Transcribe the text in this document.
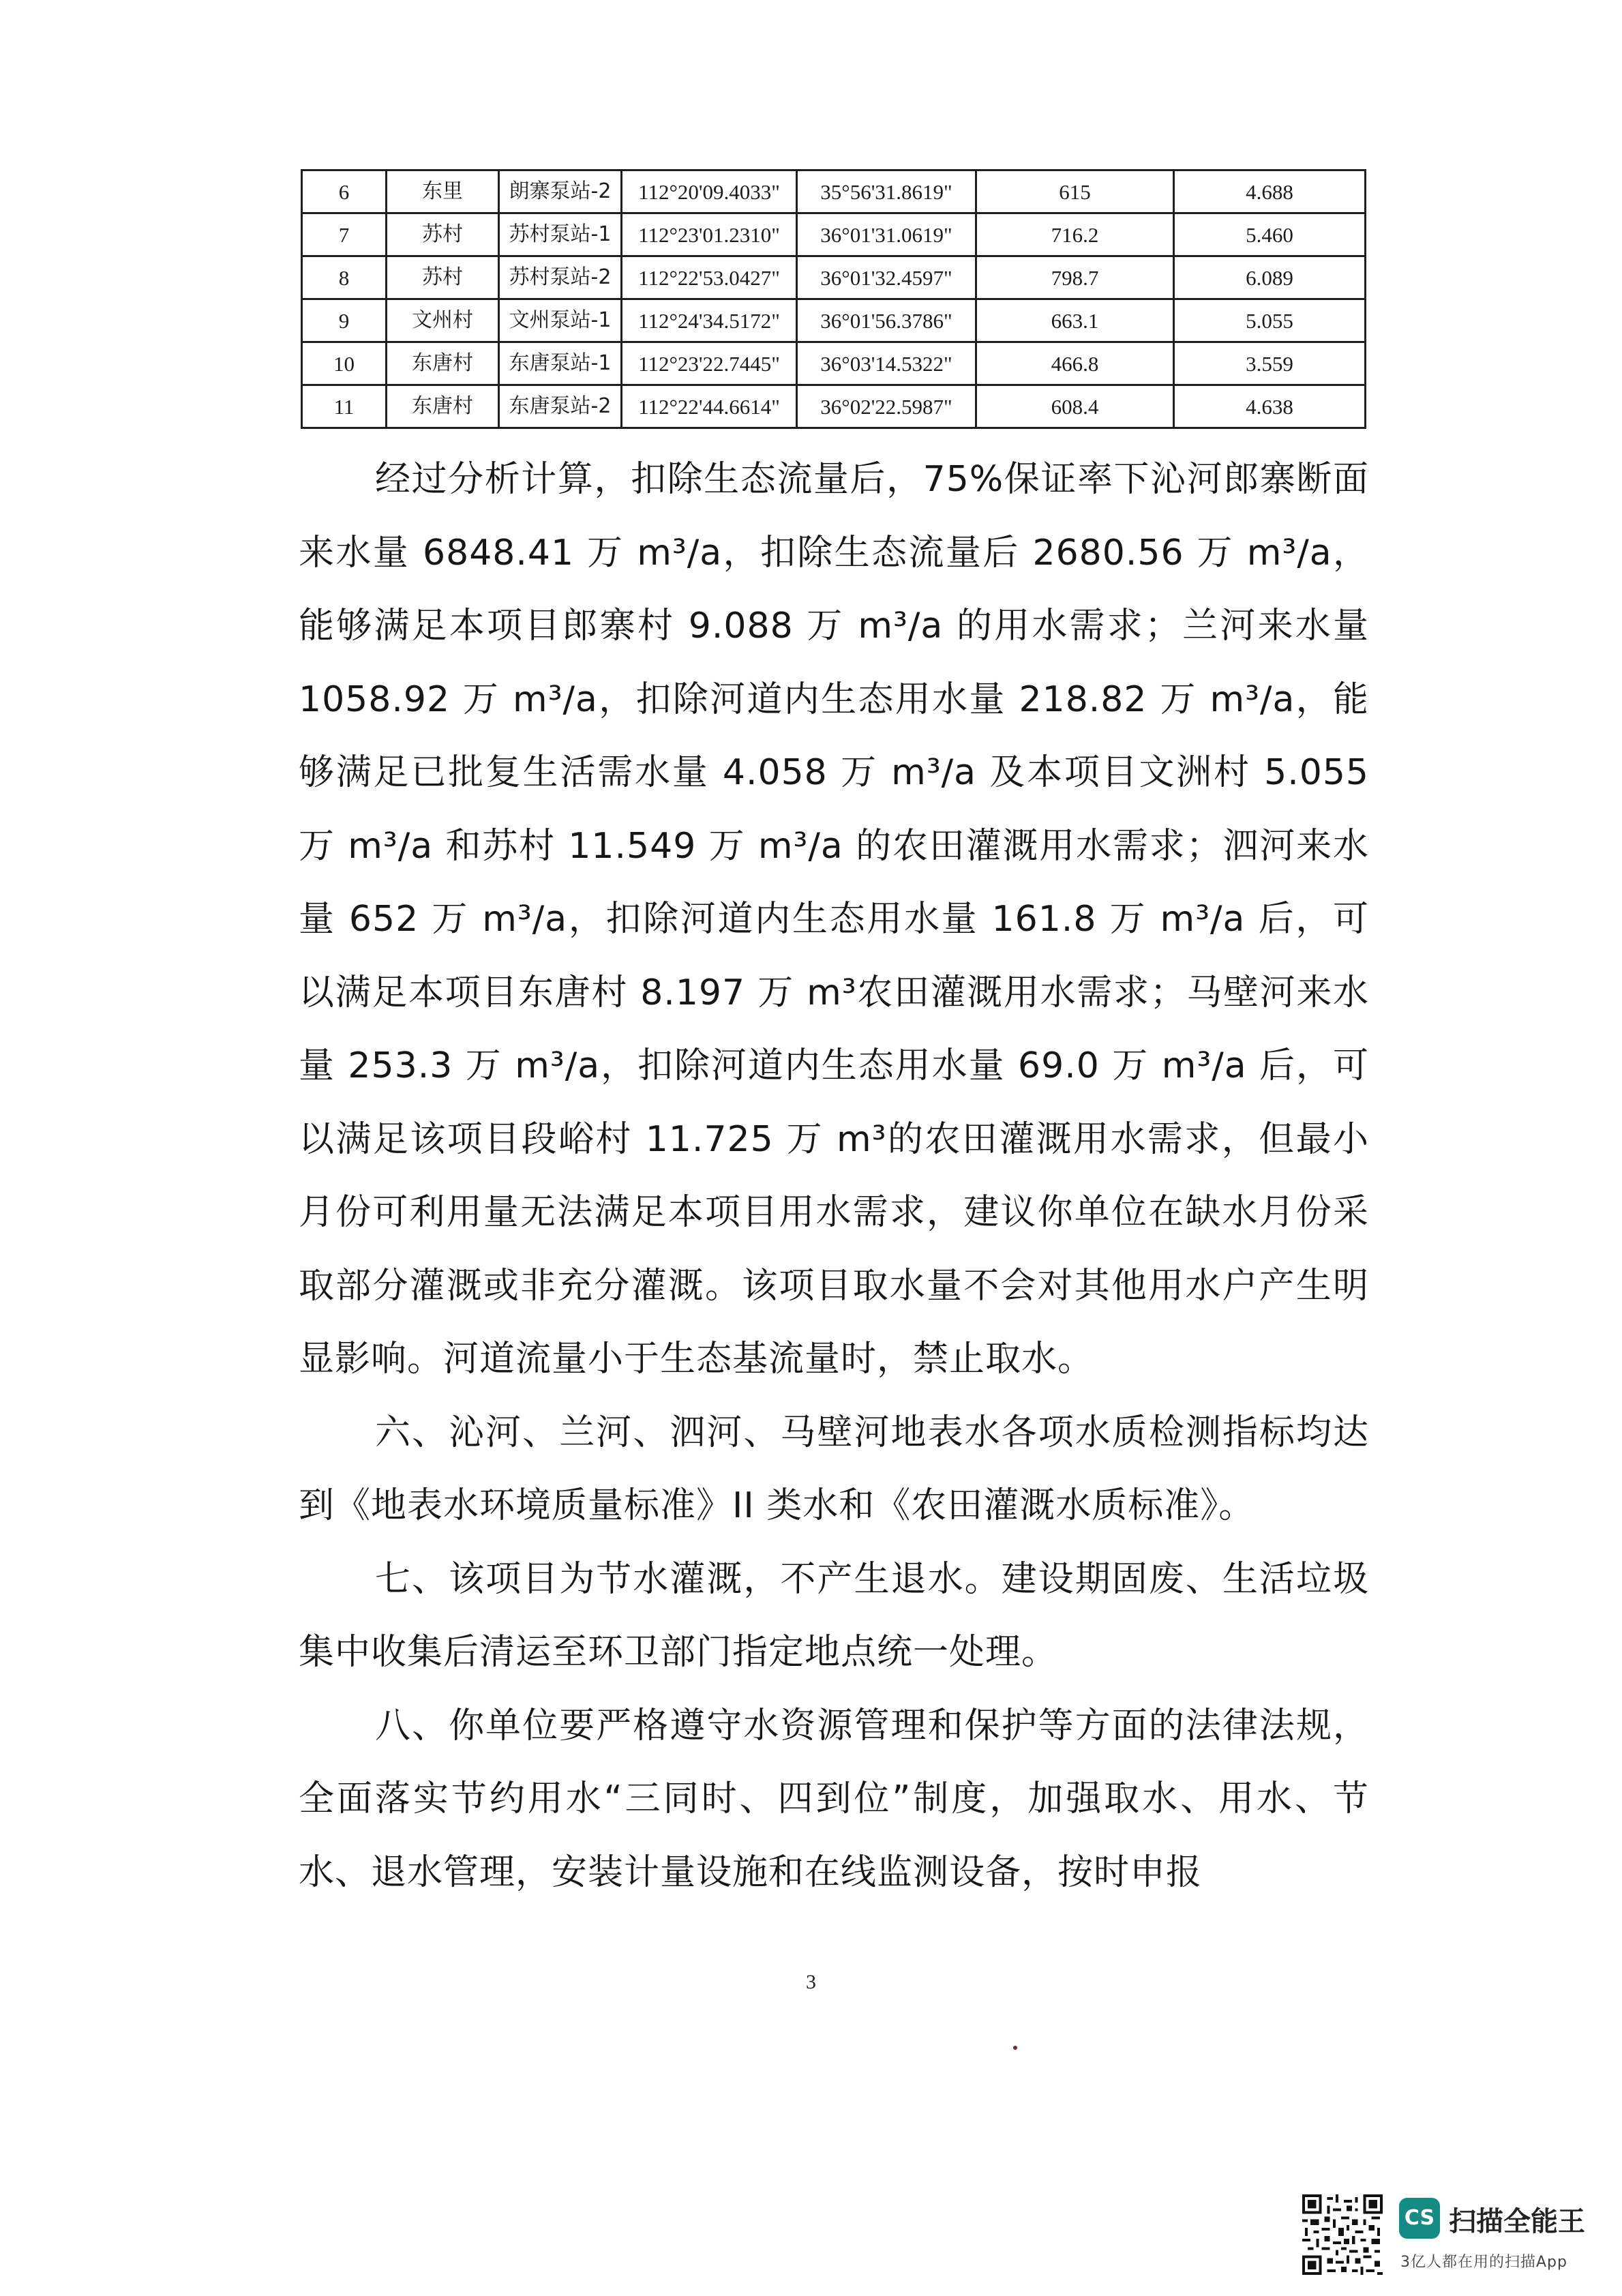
6	东里	朗寨泵站-2	112°20'09.4033"	35°56'31.8619"	615	4.688
7	苏村	苏村泵站-1	112°23'01.2310"	36°01'31.0619"	716.2	5.460
8	苏村	苏村泵站-2	112°22'53.0427"	36°01'32.4597"	798.7	6.089
9	文州村	文州泵站-1	112°24'34.5172"	36°01'56.3786"	663.1	5.055
10	东唐村	东唐泵站-1	112°23'22.7445"	36°03'14.5322"	466.8	3.559
11	东唐村	东唐泵站-2	112°22'44.6614"	36°02'22.5987"	608.4	4.638

经过分析计算，扣除生态流量后，75%保证率下沁河郎寨断面来水量 6848.41 万 m³/a，扣除生态流量后 2680.56 万 m³/a，能够满足本项目郎寨村 9.088 万 m³/a 的用水需求；兰河来水量 1058.92 万 m³/a，扣除河道内生态用水量 218.82 万 m³/a，能够满足已批复生活需水量 4.058 万 m³/a 及本项目文洲村 5.055 万 m³/a 和苏村 11.549 万 m³/a 的农田灌溉用水需求；泗河来水量 652 万 m³/a，扣除河道内生态用水量 161.8 万 m³/a 后，可以满足本项目东唐村 8.197 万 m³农田灌溉用水需求；马壁河来水量 253.3 万 m³/a，扣除河道内生态用水量 69.0 万 m³/a 后，可以满足该项目段峪村 11.725 万 m³的农田灌溉用水需求，但最小月份可利用量无法满足本项目用水需求，建议你单位在缺水月份采取部分灌溉或非充分灌溉。该项目取水量不会对其他用水户产生明显影响。河道流量小于生态基流量时，禁止取水。

六、沁河、兰河、泗河、马壁河地表水各项水质检测指标均达到《地表水环境质量标准》II 类水和《农田灌溉水质标准》。

七、该项目为节水灌溉，不产生退水。建设期固废、生活垃圾集中收集后清运至环卫部门指定地点统一处理。

八、你单位要严格遵守水资源管理和保护等方面的法律法规，全面落实节约用水“三同时、四到位”制度，加强取水、用水、节水、退水管理，安装计量设施和在线监测设备，按时申报

3
CS 扫描全能王
3亿人都在用的扫描App
